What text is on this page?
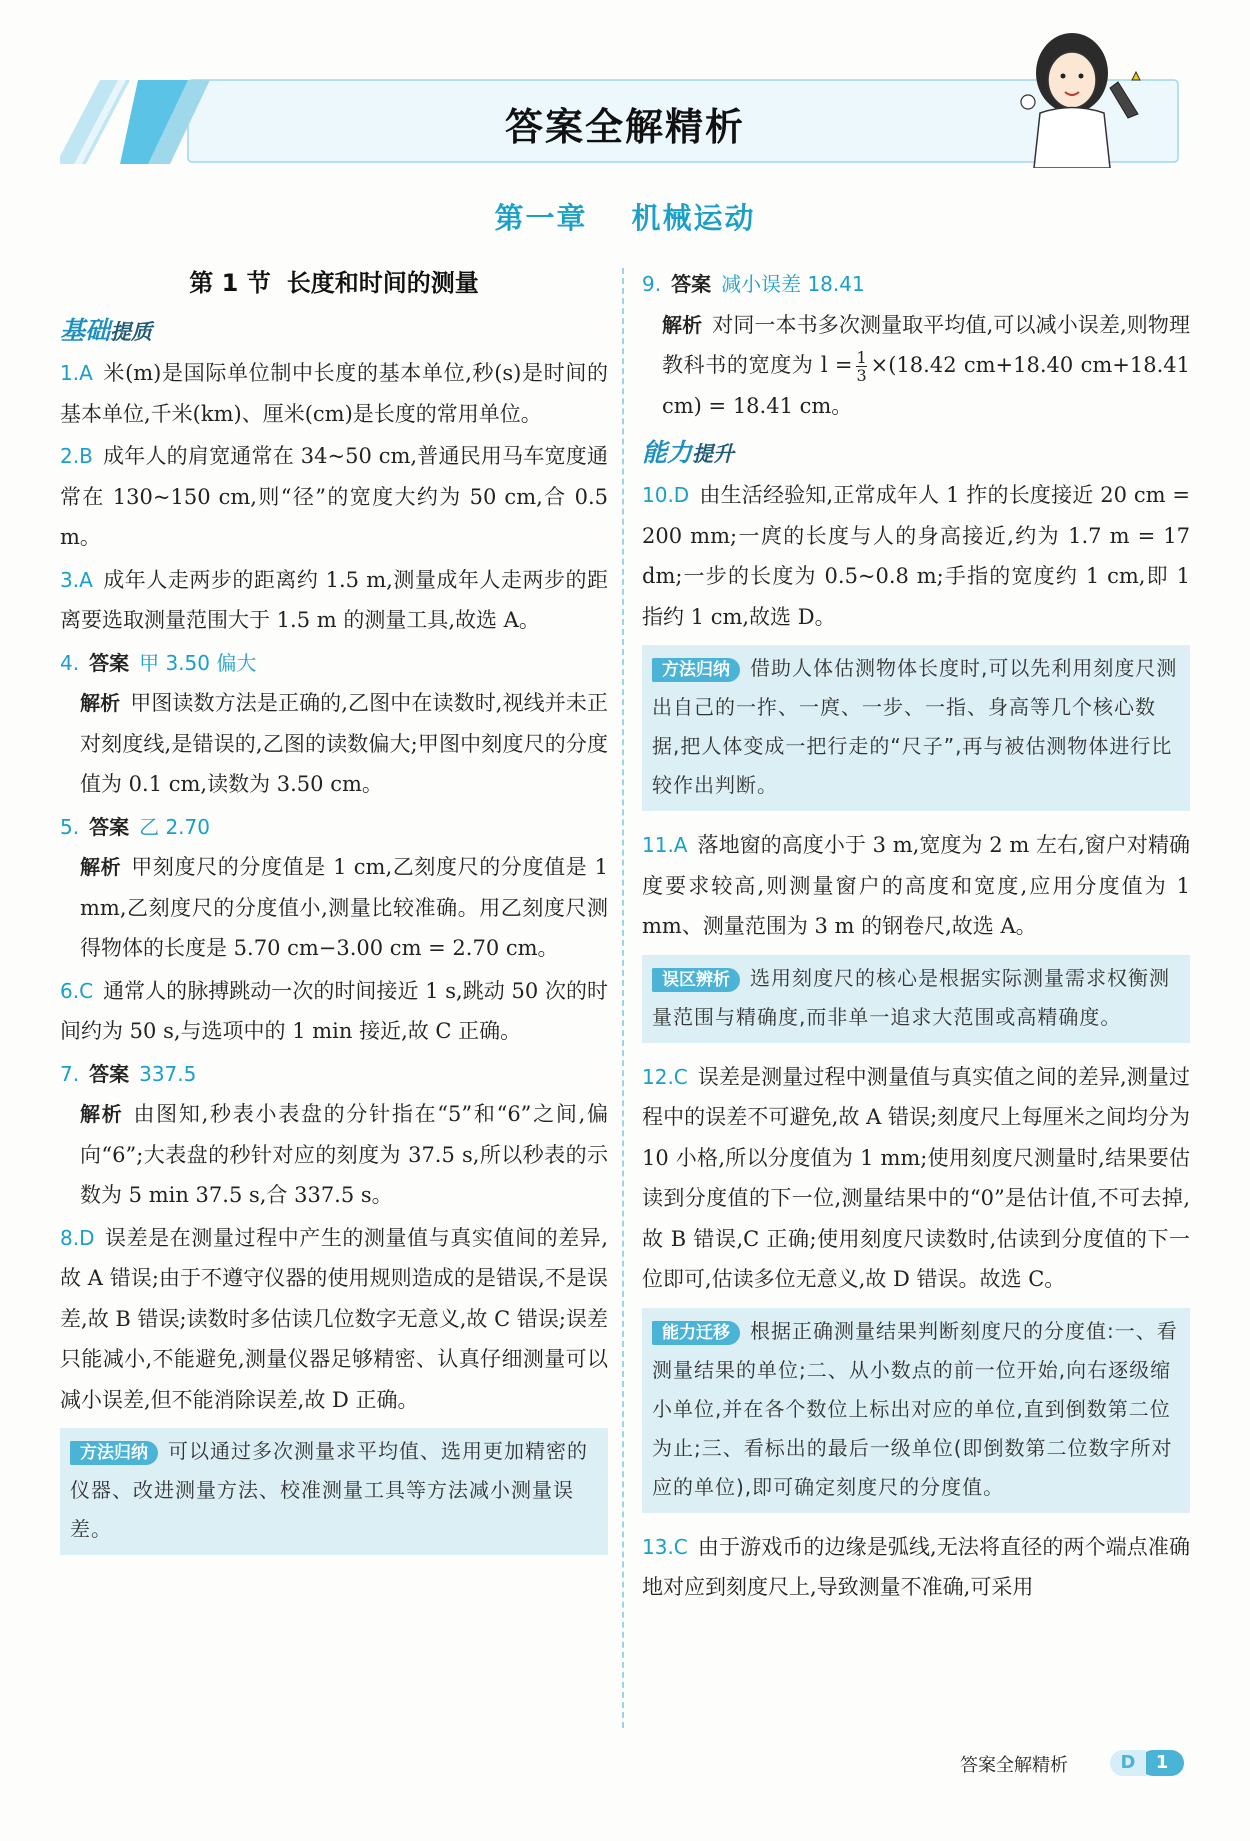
答案全解精析
第一章 机械运动
第 1 节 长度和时间的测量
基础提质
1.A 米(m)是国际单位制中长度的基本单位,秒(s)是时间的基本单位,千米(km)、厘米(cm)是长度的常用单位。
2.B 成年人的肩宽通常在 34~50 cm,普通民用马车宽度通常在 130~150 cm,则“径”的宽度大约为 50 cm,合 0.5 m。
3.A 成年人走两步的距离约 1.5 m,测量成年人走两步的距离要选取测量范围大于 1.5 m 的测量工具,故选 A。
4. 答案 甲 3.50 偏大
解析 甲图读数方法是正确的,乙图中在读数时,视线并未正对刻度线,是错误的,乙图的读数偏大;甲图中刻度尺的分度值为 0.1 cm,读数为 3.50 cm。
5. 答案 乙 2.70
解析 甲刻度尺的分度值是 1 cm,乙刻度尺的分度值是 1 mm,乙刻度尺的分度值小,测量比较准确。用乙刻度尺测得物体的长度是 5.70 cm−3.00 cm = 2.70 cm。
6.C 通常人的脉搏跳动一次的时间接近 1 s,跳动 50 次的时间约为 50 s,与选项中的 1 min 接近,故 C 正确。
7. 答案 337.5
解析 由图知,秒表小表盘的分针指在“5”和“6”之间,偏向“6”;大表盘的秒针对应的刻度为 37.5 s,所以秒表的示数为 5 min 37.5 s,合 337.5 s。
8.D 误差是在测量过程中产生的测量值与真实值间的差异,故 A 错误;由于不遵守仪器的使用规则造成的是错误,不是误差,故 B 错误;读数时多估读几位数字无意义,故 C 错误;误差只能减小,不能避免,测量仪器足够精密、认真仔细测量可以减小误差,但不能消除误差,故 D 正确。
方法归纳 可以通过多次测量求平均值、选用更加精密的仪器、改进测量方法、校准测量工具等方法减小测量误差。
9. 答案 减小误差 18.41
解析 对同一本书多次测量取平均值,可以减小误差,则物理教科书的宽度为 $l = \frac{1}{3} \times(18.42$ cm+18.40 cm+18.41 cm) = 18.41 cm。
能力提升
10.D 由生活经验知,正常成年人 1 拃的长度接近 20 cm = 200 mm;一庹的长度与人的身高接近,约为 1.7 m = 17 dm;一步的长度为 0.5~0.8 m;手指的宽度约 1 cm,即 1 指约 1 cm,故选 D。
方法归纳 借助人体估测物体长度时,可以先利用刻度尺测出自己的一拃、一庹、一步、一指、身高等几个核心数据,把人体变成一把行走的“尺子”,再与被估测物体进行比较作出判断。
11.A 落地窗的高度小于 3 m,宽度为 2 m 左右,窗户对精确度要求较高,则测量窗户的高度和宽度,应用分度值为 1 mm、测量范围为 3 m 的钢卷尺,故选 A。
误区辨析 选用刻度尺的核心是根据实际测量需求权衡测量范围与精确度,而非单一追求大范围或高精确度。
12.C 误差是测量过程中测量值与真实值之间的差异,测量过程中的误差不可避免,故 A 错误;刻度尺上每厘米之间均分为 10 小格,所以分度值为 1 mm;使用刻度尺测量时,结果要估读到分度值的下一位,测量结果中的“0”是估计值,不可去掉,故 B 错误,C 正确;使用刻度尺读数时,估读到分度值的下一位即可,估读多位无意义,故 D 错误。故选 C。
能力迁移 根据正确测量结果判断刻度尺的分度值:一、看测量结果的单位;二、从小数点的前一位开始,向右逐级缩小单位,并在各个数位上标出对应的单位,直到倒数第二位为止;三、看标出的最后一级单位(即倒数第二位数字所对应的单位),即可确定刻度尺的分度值。
13.C 由于游戏币的边缘是弧线,无法将直径的两个端点准确地对应到刻度尺上,导致测量不准确,可采用
答案全解精析	1
D
